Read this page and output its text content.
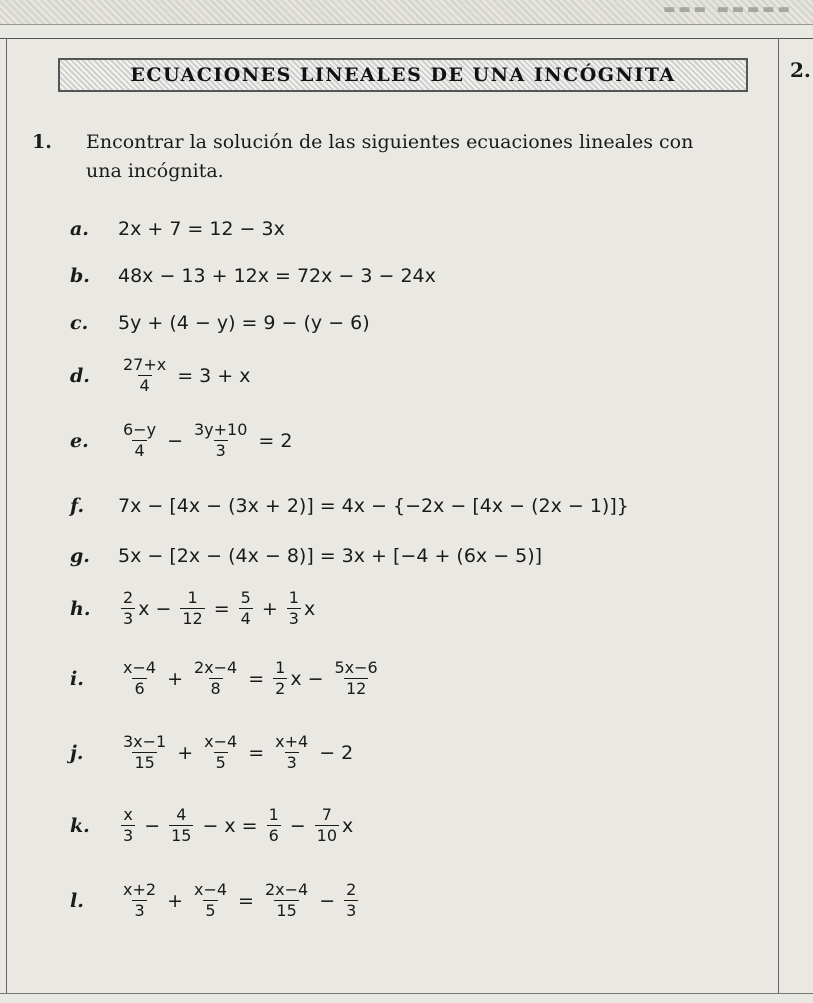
▬▬▬ ▬▬▬▬▬
ECUACIONES LINEALES DE UNA INCÓGNITA	2.
1. Encontrar la solución de las siguientes ecuaciones lineales con
una incógnita.
a.	2x + 7 = 12 − 3x
b.	48x − 13 + 12x = 72x − 3 − 24x
c.	5y + (4 − y) = 9 − (y − 6)
d.	$\frac{27+x}{4} = 3 + x$
e.	$\frac{6-y}{4} - \frac{3y+10}{3} = 2$
f.	7x − [4x − (3x + 2)] = 4x − {−2x − [4x − (2x − 1)]}
g.	5x − [2x − (4x − 8)] = 3x + [−4 + (6x − 5)]
h.	$\frac{2}{3}$ $x - \frac{1}{12} = \frac{5}{4} + \frac{1}{3}$ x
i.	$\frac{x-4}{6} + \frac{2x-4}{8} = \frac{1}{2}$ $x - \frac{5x-6}{12}$
j.	$\frac{3x-1}{15} + \frac{x-4}{5} = \frac{x+4}{3} - 2$
k.	$\frac{x}{3} - \frac{4}{15} - x = \frac{1}{6} - \frac{7}{10}$ x
l.	$\frac{x+2}{3} + \frac{x-4}{5} = \frac{2x-4}{15} - \frac{2}{3}$
